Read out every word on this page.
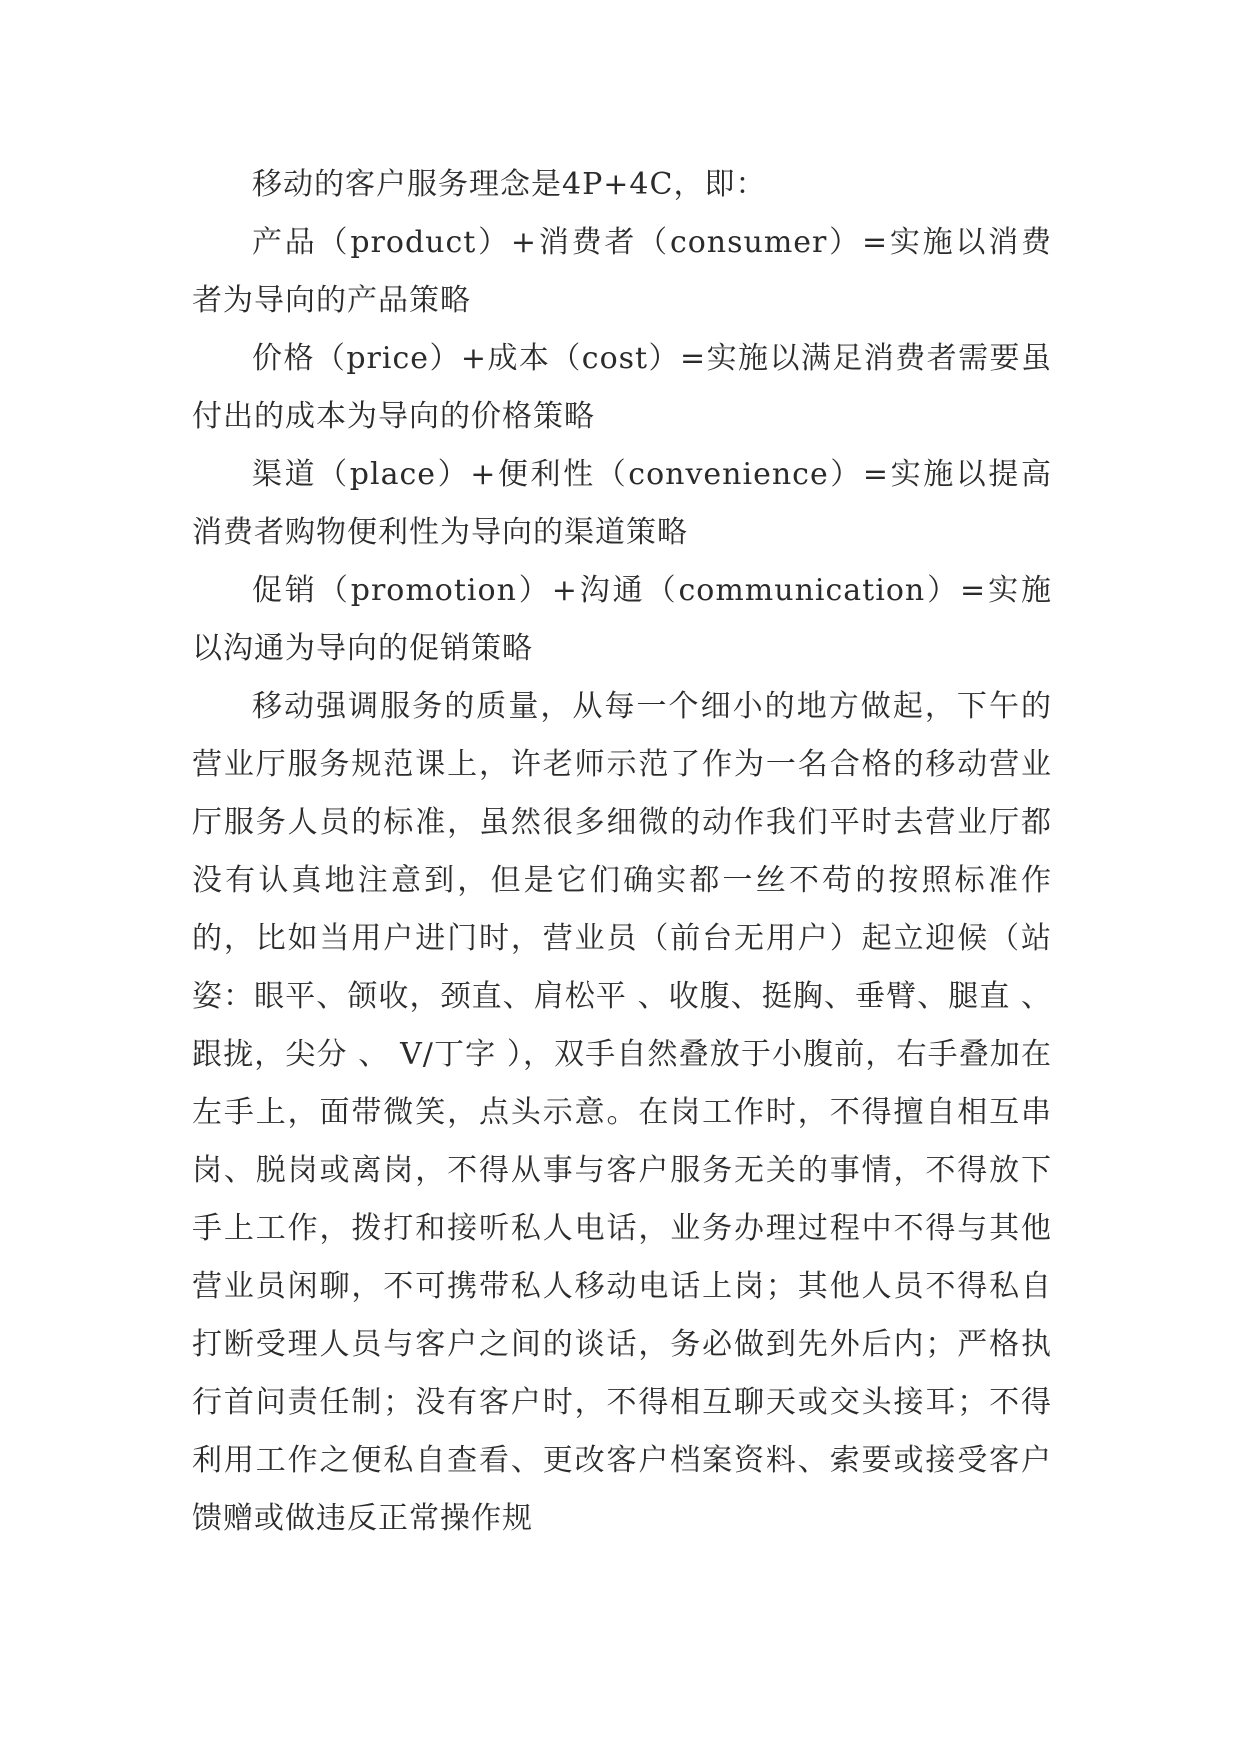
移动的客户服务理念是4P+4C，即：

产品（product）+消费者（consumer）=实施以消费者为导向的产品策略

价格（price）+成本（cost）=实施以满足消费者需要虽付出的成本为导向的价格策略

渠道（place）+便利性（convenience）=实施以提高消费者购物便利性为导向的渠道策略

促销（promotion）+沟通（communication）=实施以沟通为导向的促销策略

移动强调服务的质量，从每一个细小的地方做起，下午的营业厅服务规范课上，许老师示范了作为一名合格的移动营业厅服务人员的标准，虽然很多细微的动作我们平时去营业厅都没有认真地注意到，但是它们确实都一丝不苟的按照标准作的，比如当用户进门时，营业员（前台无用户）起立迎候（站姿：眼平、颌收，颈直、肩松平 、收腹、挺胸、垂臂、腿直 、跟拢，尖分 、 V/丁字 ），双手自然叠放于小腹前，右手叠加在左手上，面带微笑，点头示意。在岗工作时，不得擅自相互串岗、脱岗或离岗，不得从事与客户服务无关的事情，不得放下手上工作，拨打和接听私人电话，业务办理过程中不得与其他营业员闲聊，不可携带私人移动电话上岗；其他人员不得私自打断受理人员与客户之间的谈话，务必做到先外后内；严格执行首问责任制；没有客户时，不得相互聊天或交头接耳；不得利用工作之便私自查看、更改客户档案资料、索要或接受客户馈赠或做违反正常操作规
